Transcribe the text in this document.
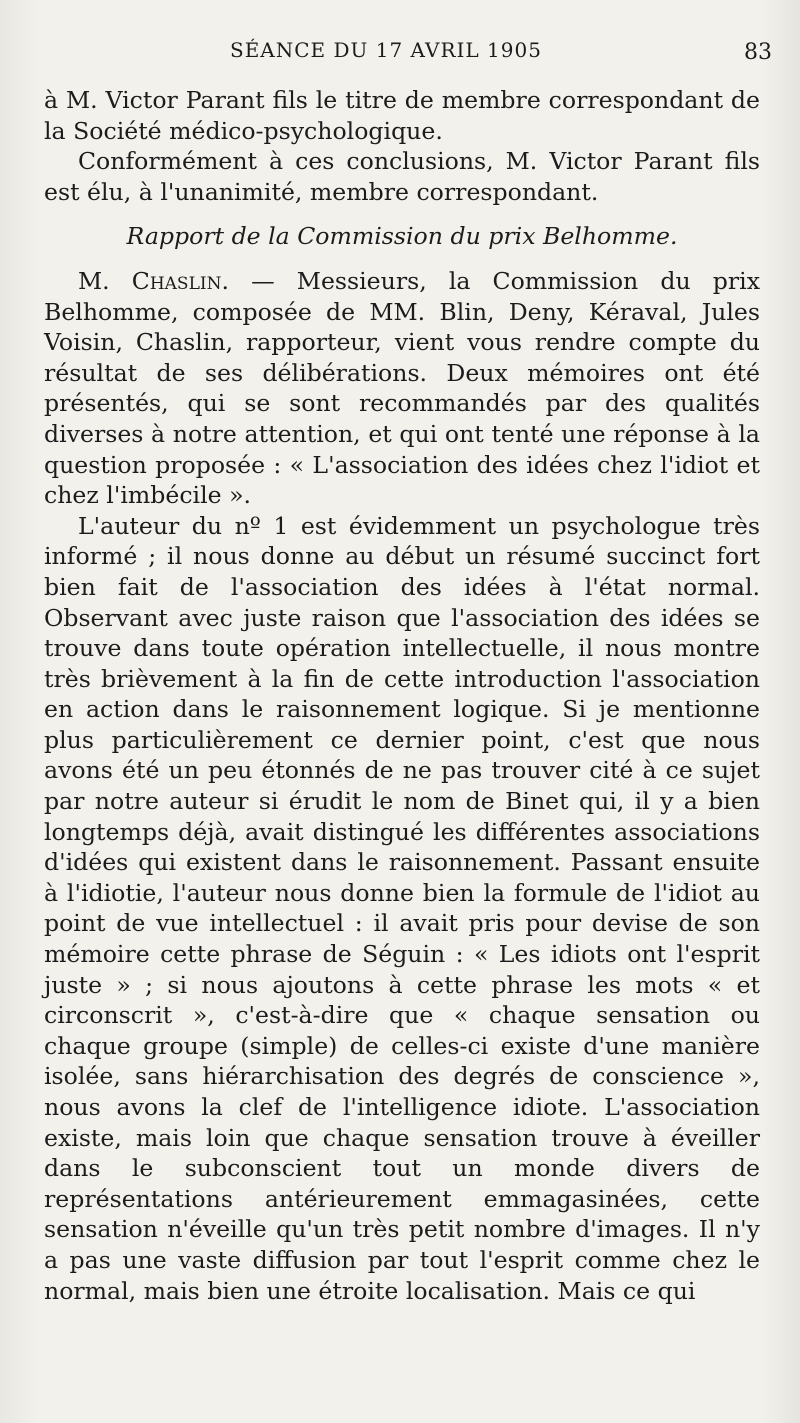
SÉANCE DU 17 AVRIL 1905	83

à M. Victor Parant fils le titre de membre correspondant de la Société médico-psychologique.

Conformément à ces conclusions, M. Victor Parant fils est élu, à l'unanimité, membre correspondant.

Rapport de la Commission du prix Belhomme.

M. Chaslin. — Messieurs, la Commission du prix Belhomme, composée de MM. Blin, Deny, Kéraval, Jules Voisin, Chaslin, rapporteur, vient vous rendre compte du résultat de ses délibérations. Deux mémoires ont été présentés, qui se sont recommandés par des qualités diverses à notre attention, et qui ont tenté une réponse à la question proposée : « L'association des idées chez l'idiot et chez l'imbécile ».

L'auteur du nº 1 est évidemment un psychologue très informé ; il nous donne au début un résumé succinct fort bien fait de l'association des idées à l'état normal. Observant avec juste raison que l'association des idées se trouve dans toute opération intellectuelle, il nous montre très brièvement à la fin de cette introduction l'association en action dans le raisonnement logique. Si je mentionne plus particulièrement ce dernier point, c'est que nous avons été un peu étonnés de ne pas trouver cité à ce sujet par notre auteur si érudit le nom de Binet qui, il y a bien longtemps déjà, avait distingué les différentes associations d'idées qui existent dans le raisonnement. Passant ensuite à l'idiotie, l'auteur nous donne bien la formule de l'idiot au point de vue intellectuel : il avait pris pour devise de son mémoire cette phrase de Séguin : « Les idiots ont l'esprit juste » ; si nous ajoutons à cette phrase les mots « et circonscrit », c'est-à-dire que « chaque sensation ou chaque groupe (simple) de celles-ci existe d'une manière isolée, sans hiérarchisation des degrés de conscience », nous avons la clef de l'intelligence idiote. L'association existe, mais loin que chaque sensation trouve à éveiller dans le subconscient tout un monde divers de représentations antérieurement emmagasinées, cette sensation n'éveille qu'un très petit nombre d'images. Il n'y a pas une vaste diffusion par tout l'esprit comme chez le normal, mais bien une étroite localisation. Mais ce qui
